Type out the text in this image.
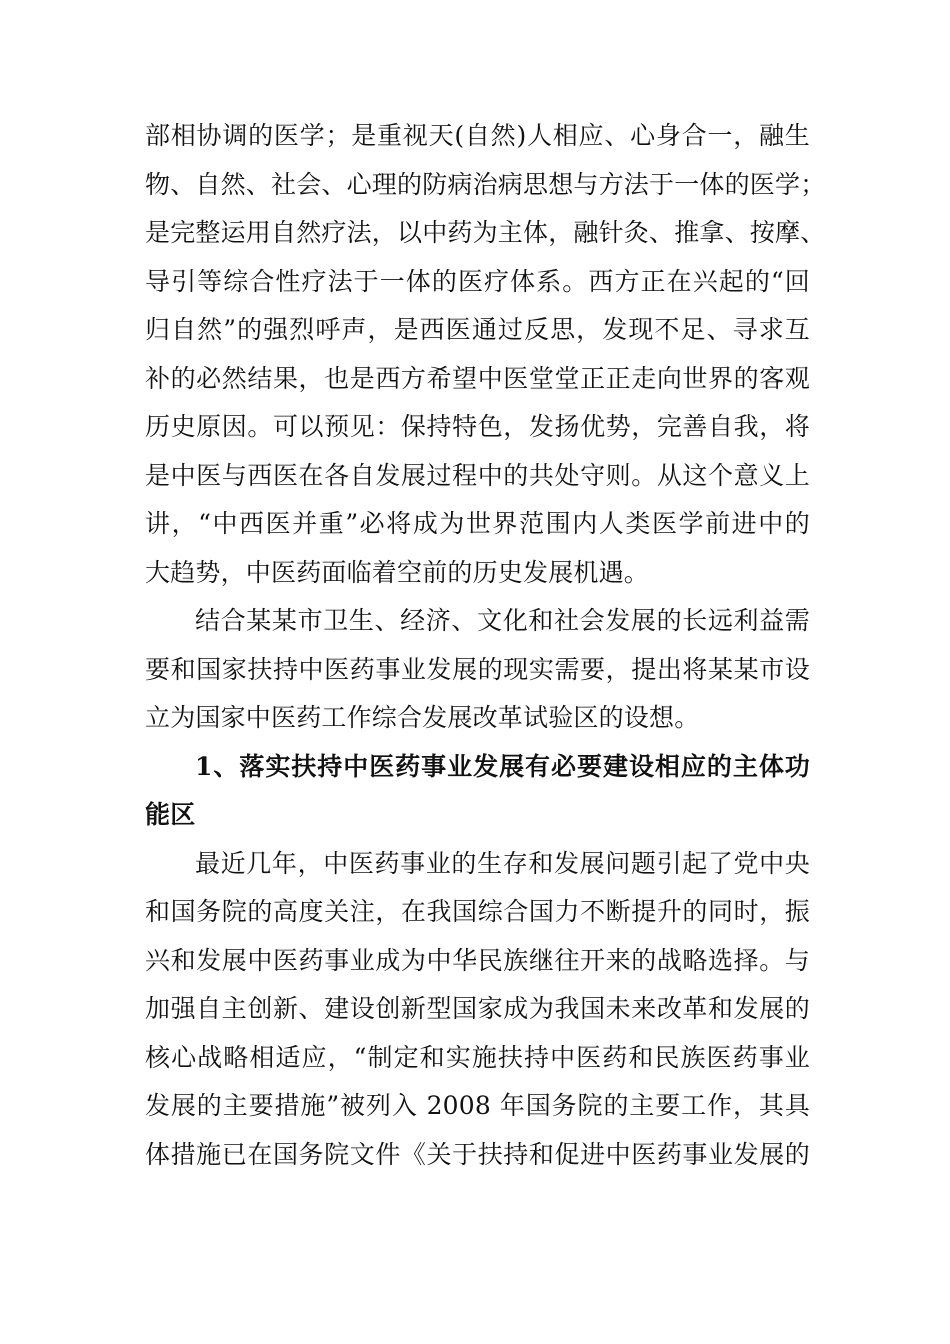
部相协调的医学；是重视天(自然)人相应、心身合一，融生
物、自然、社会、心理的防病治病思想与方法于一体的医学；
是完整运用自然疗法，以中药为主体，融针灸、推拿、按摩、
导引等综合性疗法于一体的医疗体系。西方正在兴起的“回
归自然”的强烈呼声，是西医通过反思，发现不足、寻求互
补的必然结果，也是西方希望中医堂堂正正走向世界的客观
历史原因。可以预见：保持特色，发扬优势，完善自我，将
是中医与西医在各自发展过程中的共处守则。从这个意义上
讲，“中西医并重”必将成为世界范围内人类医学前进中的
大趋势，中医药面临着空前的历史发展机遇。
结合某某市卫生、经济、文化和社会发展的长远利益需
要和国家扶持中医药事业发展的现实需要，提出将某某市设
立为国家中医药工作综合发展改革试验区的设想。
1、落实扶持中医药事业发展有必要建设相应的主体功
能区
最近几年，中医药事业的生存和发展问题引起了党中央
和国务院的高度关注，在我国综合国力不断提升的同时，振
兴和发展中医药事业成为中华民族继往开来的战略选择。与
加强自主创新、建设创新型国家成为我国未来改革和发展的
核心战略相适应，“制定和实施扶持中医药和民族医药事业
发展的主要措施”被列入 2008 年国务院的主要工作，其具
体措施已在国务院文件《关于扶持和促进中医药事业发展的
